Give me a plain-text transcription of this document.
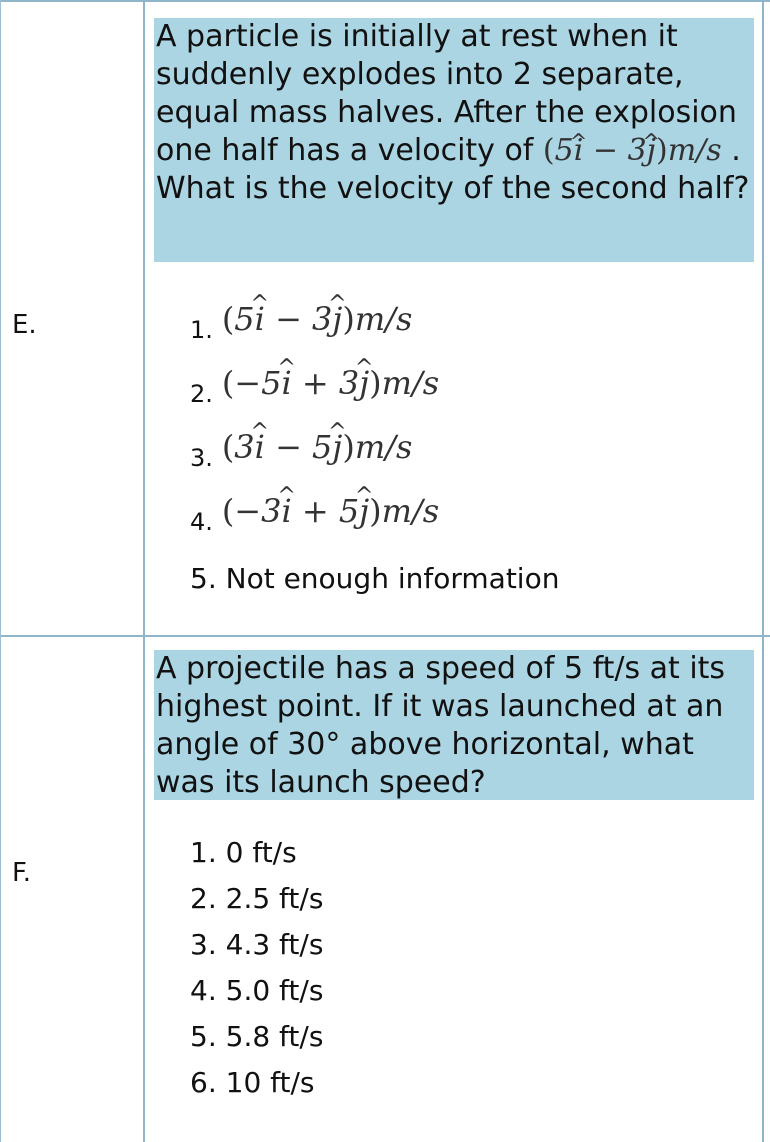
E.
A particle is initially at rest when it suddenly explodes into 2 separate, equal mass halves. After the explosion one half has a velocity of (5i ^ − 3j ^)m/s . What is the velocity of the second half?
1. (5i ^ − 3j ^)m/s
2. (−5i ^ + 3j ^)m/s
3. (3i ^ − 5j ^)m/s
4. (−3i ^ + 5j ^)m/s
5. Not enough information
F.
A projectile has a speed of 5 ft/s at its highest point. If it was launched at an angle of 30° above horizontal, what was its launch speed?
1. 0 ft/s
2. 2.5 ft/s
3. 4.3 ft/s
4. 5.0 ft/s
5. 5.8 ft/s
6. 10 ft/s
